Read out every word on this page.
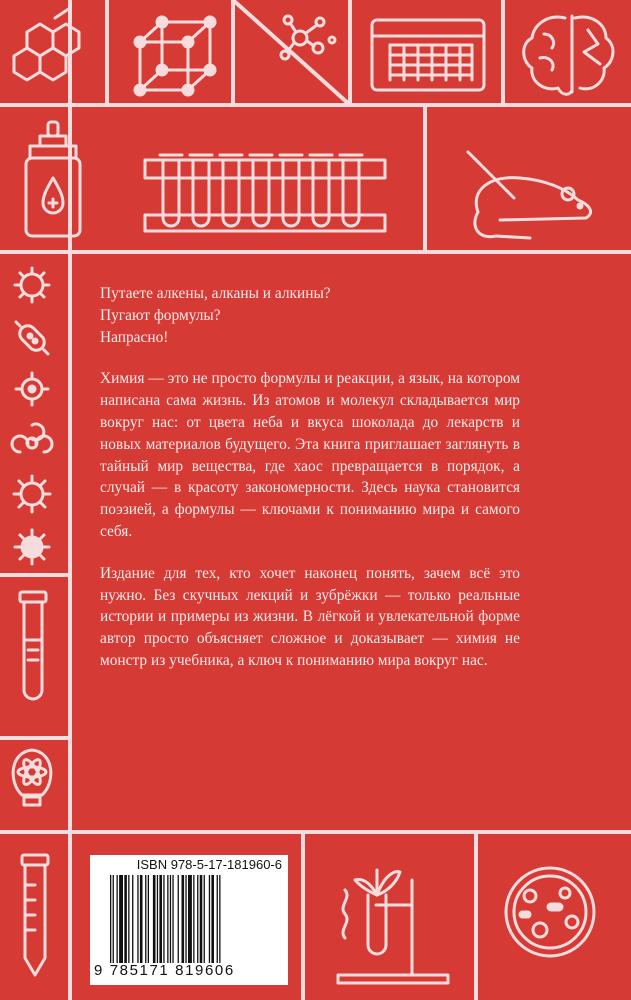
Путаете алкены, алканы и алкины?

Пугают формулы?

Напрасно!

Химия — это не просто формулы и реакции, а язык, на котором написана сама жизнь. Из атомов и молекул складывается мир вокруг нас: от цвета неба и вкуса шоколада до лекарств и новых материалов будущего. Эта книга приглашает заглянуть в тайный мир вещества, где хаос превращается в порядок, а случай — в красоту закономерности. Здесь наука становится поэзией, а формулы — ключами к пониманию мира и самого себя.

Издание для тех, кто хочет наконец понять, зачем всё это нужно. Без скучных лекций и зубрёжки — только реальные истории и примеры из жизни. В лёгкой и увлекательной форме автор просто объясняет сложное и доказывает — химия не монстр из учебника, а ключ к пониманию мира вокруг нас.

ISBN 978-5-17-181960-6
9 785171 819606
